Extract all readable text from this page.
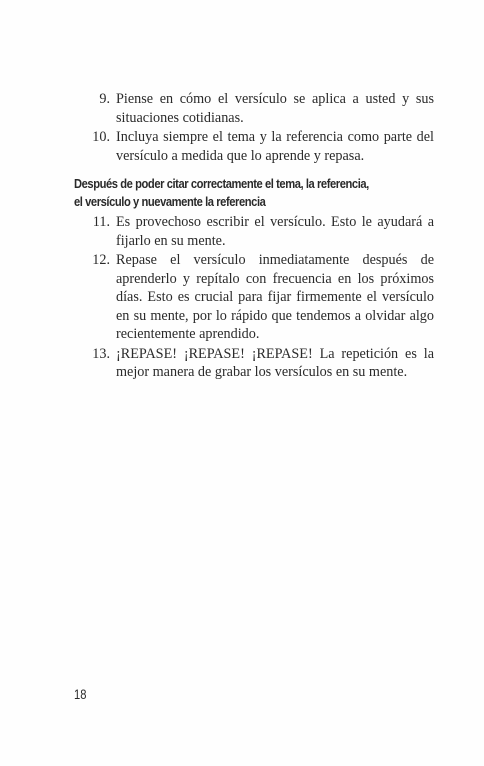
9. Piense en cómo el versículo se aplica a usted y sus situaciones cotidianas.
10. Incluya siempre el tema y la referencia como parte del versículo a medida que lo aprende y repasa.
Después de poder citar correctamente el tema, la referencia,
el versículo y nuevamente la referencia
11. Es provechoso escribir el versículo. Esto le ayudará a fijarlo en su mente.
12. Repase el versículo inmediatamente después de aprenderlo y repítalo con frecuencia en los próximos días. Esto es crucial para fijar firmemente el versículo en su mente, por lo rápido que tendemos a olvidar algo recientemente aprendido.
13. ¡REPASE! ¡REPASE! ¡REPASE! La repetición es la mejor manera de grabar los versículos en su mente.
18
